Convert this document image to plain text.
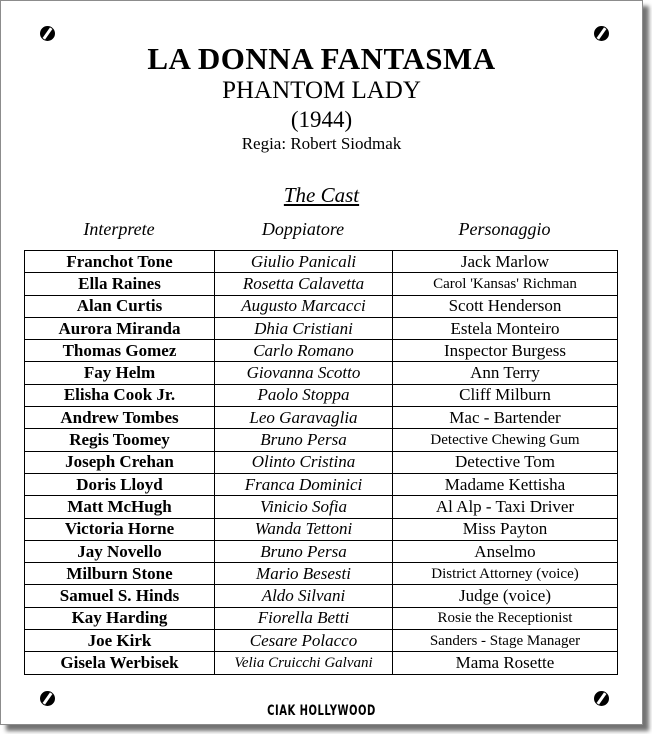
LA DONNA FANTASMA
PHANTOM LADY
(1944)
Regia: Robert Siodmak
The Cast
Interprete	Doppiatore	Personaggio
Franchot Tone	Giulio Panicali	Jack Marlow
Ella Raines	Rosetta Calavetta	Carol 'Kansas' Richman
Alan Curtis	Augusto Marcacci	Scott Henderson
Aurora Miranda	Dhia Cristiani	Estela Monteiro
Thomas Gomez	Carlo Romano	Inspector Burgess
Fay Helm	Giovanna Scotto	Ann Terry
Elisha Cook Jr.	Paolo Stoppa	Cliff Milburn
Andrew Tombes	Leo Garavaglia	Mac - Bartender
Regis Toomey	Bruno Persa	Detective Chewing Gum
Joseph Crehan	Olinto Cristina	Detective Tom
Doris Lloyd	Franca Dominici	Madame Kettisha
Matt McHugh	Vinicio Sofia	Al Alp - Taxi Driver
Victoria Horne	Wanda Tettoni	Miss Payton
Jay Novello	Bruno Persa	Anselmo
Milburn Stone	Mario Besesti	District Attorney (voice)
Samuel S. Hinds	Aldo Silvani	Judge (voice)
Kay Harding	Fiorella Betti	Rosie the Receptionist
Joe Kirk	Cesare Polacco	Sanders - Stage Manager
Gisela Werbisek	Velia Cruicchi Galvani	Mama Rosette
CIAK HOLLYWOOD
